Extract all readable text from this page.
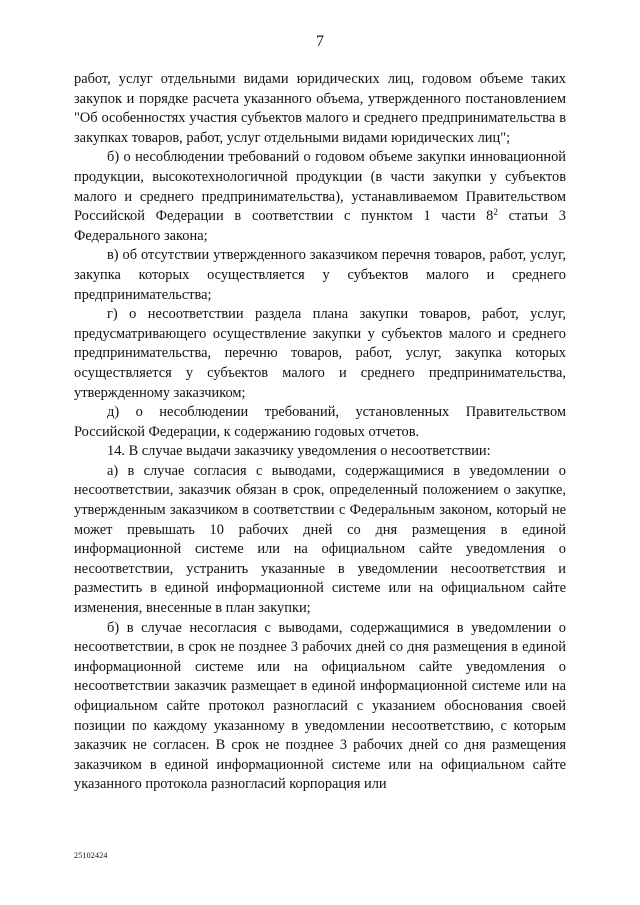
7

работ, услуг отдельными видами юридических лиц, годовом объеме таких закупок и порядке расчета указанного объема, утвержденного постановлением "Об особенностях участия субъектов малого и среднего предпринимательства в закупках товаров, работ, услуг отдельными видами юридических лиц";

б) о несоблюдении требований о годовом объеме закупки инновационной продукции, высокотехнологичной продукции (в части закупки у субъектов малого и среднего предпринимательства), устанавливаемом Правительством Российской Федерации в соответствии с пунктом 1 части $8^2$ статьи 3 Федерального закона;

в) об отсутствии утвержденного заказчиком перечня товаров, работ, услуг, закупка которых осуществляется у субъектов малого и среднего предпринимательства;

г) о несоответствии раздела плана закупки товаров, работ, услуг, предусматривающего осуществление закупки у субъектов малого и среднего предпринимательства, перечню товаров, работ, услуг, закупка которых осуществляется у субъектов малого и среднего предпринимательства, утвержденному заказчиком;

д) о несоблюдении требований, установленных Правительством Российской Федерации, к содержанию годовых отчетов.

14. В случае выдачи заказчику уведомления о несоответствии:

а) в случае согласия с выводами, содержащимися в уведомлении о несоответствии, заказчик обязан в срок, определенный положением о закупке, утвержденным заказчиком в соответствии с Федеральным законом, который не может превышать 10 рабочих дней со дня размещения в единой информационной системе или на официальном сайте уведомления о несоответствии, устранить указанные в уведомлении несоответствия и разместить в единой информационной системе или на официальном сайте изменения, внесенные в план закупки;

б) в случае несогласия с выводами, содержащимися в уведомлении о несоответствии, в срок не позднее 3 рабочих дней со дня размещения в единой информационной системе или на официальном сайте уведомления о несоответствии заказчик размещает в единой информационной системе или на официальном сайте протокол разногласий с указанием обоснования своей позиции по каждому указанному в уведомлении несоответствию, с которым заказчик не согласен. В срок не позднее 3 рабочих дней со дня размещения заказчиком в единой информационной системе или на официальном сайте указанного протокола разногласий корпорация или

25102424
